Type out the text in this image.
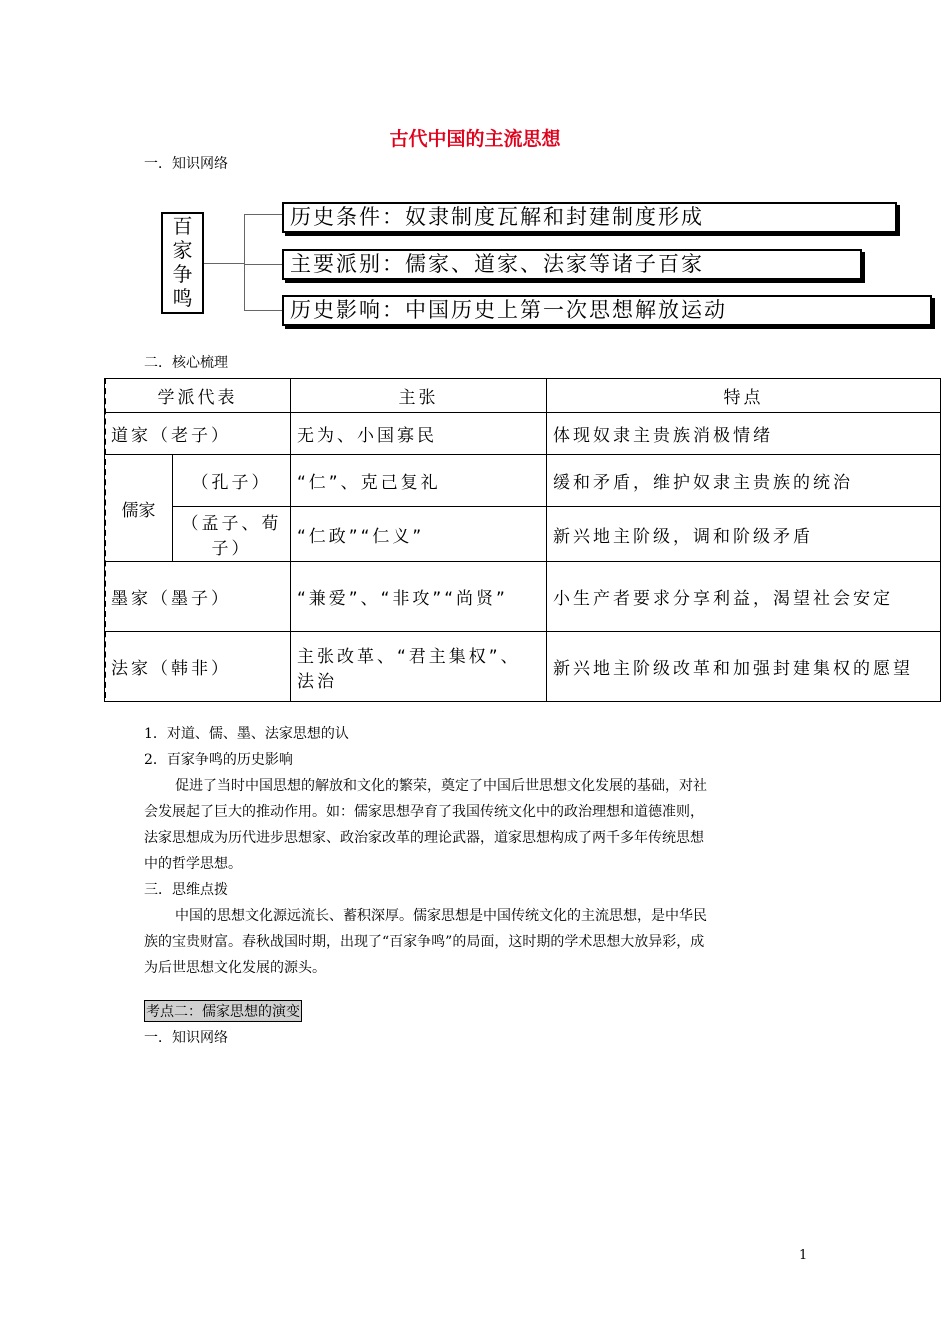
古代中国的主流思想
一．知识网络
百
家
争
鸣
历史条件：奴隶制度瓦解和封建制度形成
主要派别：儒家、道家、法家等诸子百家
历史影响：中国历史上第一次思想解放运动
二．核心梳理
学派代表		主张	特点
道家（老子）		无为、小国寡民	体现奴隶主贵族消极情绪
儒家	（孔子）	“仁”、克己复礼	缓和矛盾，维护奴隶主贵族的统治
	（孟子、荀子）	“仁政”“仁义”	新兴地主阶级，调和阶级矛盾
墨家（墨子）		“兼爱”、“非攻”“尚贤”	小生产者要求分享利益，渴望社会安定
法家（韩非）		主张改革、“君主集权”、法治	新兴地主阶级改革和加强封建集权的愿望
1．对道、儒、墨、法家思想的认
2．百家争鸣的历史影响
促进了当时中国思想的解放和文化的繁荣，奠定了中国后世思想文化发展的基础，对社
会发展起了巨大的推动作用。如：儒家思想孕育了我国传统文化中的政治理想和道德准则，
法家思想成为历代进步思想家、政治家改革的理论武器，道家思想构成了两千多年传统思想
中的哲学思想。
三．思维点拨
中国的思想文化源远流长、蓄积深厚。儒家思想是中国传统文化的主流思想，是中华民
族的宝贵财富。春秋战国时期，出现了“百家争鸣”的局面，这时期的学术思想大放异彩，成
为后世思想文化发展的源头。
考点二：儒家思想的演变
一．知识网络
1
